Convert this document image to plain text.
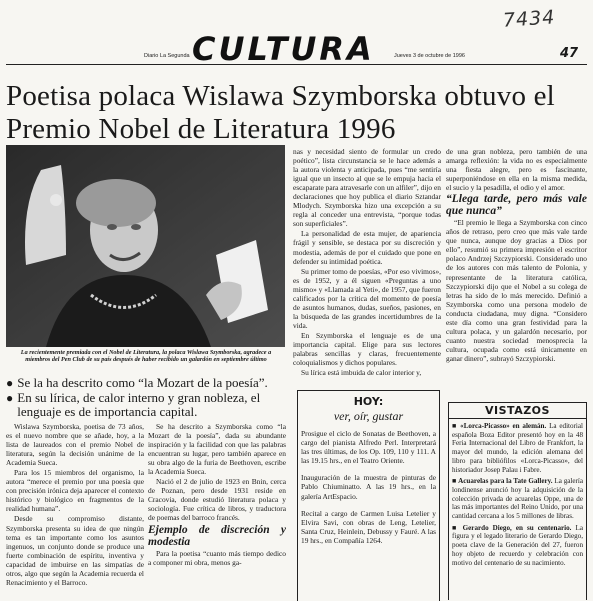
7434
Diario La Segunda CULTURA	Jueves 3 de octubre de 1996	47
Poetisa polaca Wislawa Szymborska obtuvo el Premio Nobel de Literatura 1996
La recientemente premiada con el Nobel de Literatura, la polaca Wislawa Szymborska, agradece a miembros del Pen Club de su país después de haber recibido un galardón en septiembre último
● Se la ha descrito como “la Mozart de la poesía”.
● En su lírica, de calor interno y gran nobleza, el lenguaje es de importancia capital.

Wislawa Szymborska, poetisa de 73 años, es el nuevo nombre que se añade, hoy, a la lista de laureados con el premio Nobel de literatura, según la decisión unánime de la Academia Sueca.

Para los 15 miembros del organismo, la autora “merece el premio por una poesía que con precisión irónica deja aparecer el contexto histórico y biológico en fragmentos de la realidad humana”.

Desde su compromiso distante, Szymborska presenta su idea de que ningún tema es tan importante como los asuntos ingenuos, un conjunto donde se produce una fuerte combinación de espíritu, inventiva y capacidad de imbuirse en las simpatías de otros, algo que según la Academia recuerda el Renacimiento y el Barroco.

Se ha descrito a Szymborska como “la Mozart de la poesía”, dada su abundante inspiración y la facilidad con que las palabras encuentran su lugar, pero también aparece en su obra algo de la furia de Beethoven, escribe la Academia Sueca.

Nació el 2 de julio de 1923 en Bnin, cerca de Poznan, pero desde 1931 reside en Cracovia, donde estudió literatura polaca y sociología. Fue crítica de libros, y traductora de poemas del barroco francés.

Ejemplo de discreción y modestia

Para la poetisa “cuanto más tiempo dedico a componer mi obra, menos ga-

nas y necesidad siento de formular un credo poético”, lista circunstancia se le hace además a la autora violenta y anticipada, pues “me sentiría igual que un insecto al que se le empuja hacia el escaparate para atravesarle con un alfiler”, dijo en declaraciones que hoy publica el diario Sztandar Mlodych. Szymborska hizo una excepción a su regla al conceder una entrevista, “porque todas son superficiales”.

La personalidad de esta mujer, de apariencia frágil y sensible, se destaca por su discreción y modestia, además de por el cuidado que pone en defender su intimidad poética.

Su primer tomo de poesías, «Por eso vivimos», es de 1952, y a él siguen «Preguntas a uno mismo» y «Llamada al Yeti», de 1957, que fueron calificados por la crítica del momento de poesía de asuntos humanos, dudas, sueños, pasiones, en la búsqueda de las grandes incertidumbres de la vida.

En Szymborska el lenguaje es de una importancia capital. Elige para sus lectores palabras sencillas y claras, frecuentemente coloquialismos y dichos populares.

Su lírica está imbuida de calor interior y,

de una gran nobleza, pero también de una amarga reflexión: la vida no es especialmente una fiesta alegre, pero es fascinante, superponiéndose en ella en la misma medida, el sucio y la pesadilla, el odio y el amor.

“Llega tarde, pero más vale que nunca”

“El premio le llega a Szymborska con cinco años de retraso, pero creo que más vale tarde que nunca, aunque doy gracias a Dios por ello”, resumió su primera impresión el escritor polaco Andrzej Szczypiorski. Considerado uno de los autores con más talento de Polonia, y representante de la literatura católica, Szczypiorski dijo que el Nobel a su colega de letras ha sido de lo más merecido. Definió a Szymborska como una persona modelo de conducta ciudadana, muy digna. “Considero este día como una gran festividad para la cultura polaca, y un galardón necesario, por cuanto nuestra sociedad menosprecia la cultura, ocupada como está únicamente en ganar dinero”, subrayó Szczypiorski.

HOY:
ver, oír, gustar
Prosigue el ciclo de Sonatas de Beethoven, a cargo del pianista Alfredo Perl. Interpretará las tres últimas, de los Op. 109, 110 y 111. A las 19.15 hrs., en el Teatro Oriente.
Inauguración de la muestra de pinturas de Pablo Chiuminatto. A las 19 hrs., en la galería ArtEspacio.
Recital a cargo de Carmen Luisa Letelier y Elvira Savi, con obras de Leng, Letelier, Santa Cruz, Heinlein, Debussy y Fauré. A las 19 hrs., en Compañía 1264.
VISTAZOS
■ «Lorca-Picasso» en alemán. La editorial española Boza Editor presentó hoy en la 48 Feria Internacional del Libro de Frankfort, la mayor del mundo, la edición alemana del libro para bibliófilos «Lorca-Picasso», del historiador Josep Palau i Fabre.
■ Acuarelas para la Tate Gallery. La galería londinense anunció hoy la adquisición de la colección privada de acuarelas Oppe, una de las más importantes del Reino Unido, por una cantidad cercana a los 5 millones de libras.
■ Gerardo Diego, en su centenario. La figura y el legado literario de Gerardo Diego, poeta clave de la Generación del 27, fueron hoy objeto de recuerdo y celebración con motivo del centenario de su nacimiento.
